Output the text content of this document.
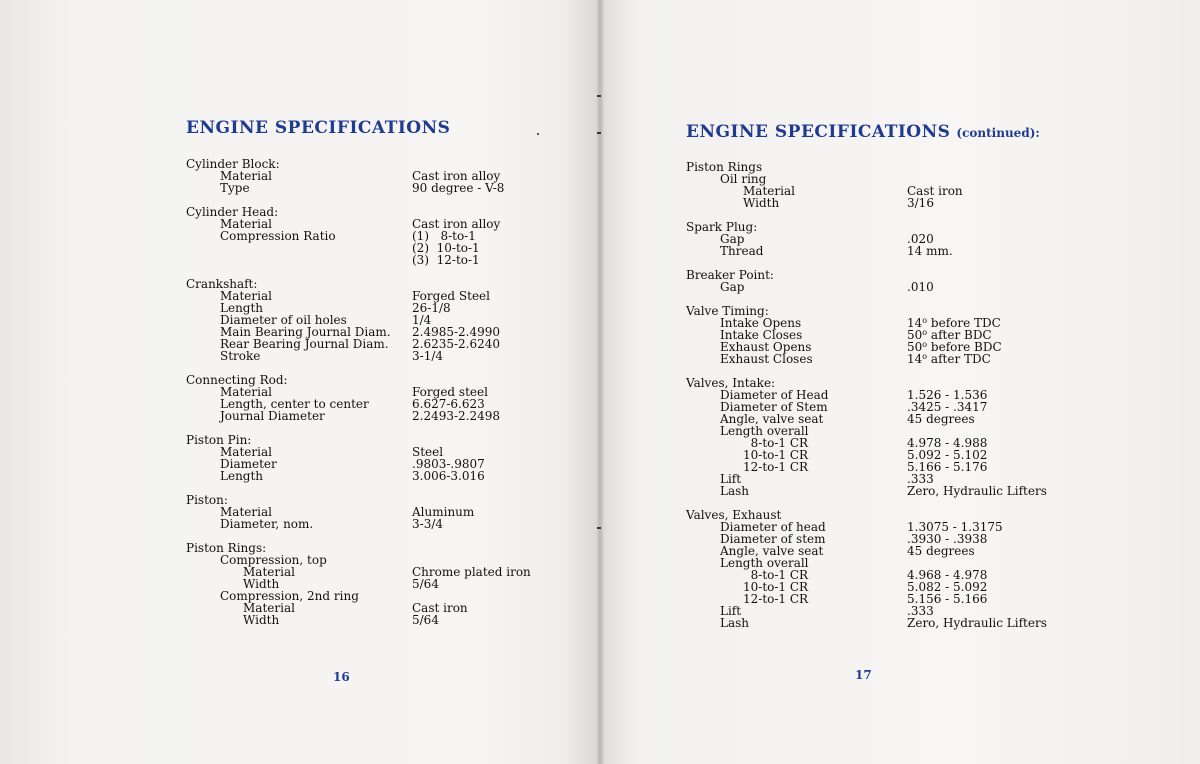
ENGINE SPECIFICATIONS
Cylinder Block:
Material	Cast iron alloy
Type	90 degree - V-8
Cylinder Head:
Material	Cast iron alloy
Compression Ratio	(1)   8-to-1
(2)  10-to-1
(3)  12-to-1
Crankshaft:
Material	Forged Steel
Length	26-1/8
Diameter of oil holes	1/4
Main Bearing Journal Diam. 2.4985-2.4990
Rear Bearing Journal Diam. 2.6235-2.6240
Stroke	3-1/4
Connecting Rod:
Material	Forged steel
Length, center to center	6.627-6.623
Journal Diameter	2.2493-2.2498
Piston Pin:
Material	Steel
Diameter	.9803-.9807
Length	3.006-3.016
Piston:
Material	Aluminum
Diameter, nom.	3-3/4
Piston Rings:
Compression, top
Material	Chrome plated iron
Width	5/64
Compression, 2nd ring
Material	Cast iron
Width	5/64
16
ENGINE SPECIFICATIONS (continued):
Piston Rings
Oil ring
Material	Cast iron
Width	3/16
Spark Plug:
Gap	.020
Thread	14 mm.
Breaker Point:
Gap	.010
Valve Timing:
Intake Opens	14$^o$ before TDC
Intake Closes	50$^o$ after BDC
Exhaust Opens	50$^o$ before BDC
Exhaust Closes	14$^o$ after TDC
Valves, Intake:
Diameter of Head	1.526 - 1.536
Diameter of Stem	.3425 - .3417
Angle, valve seat	45 degrees
Length overall
8-to-1 CR	4.978 - 4.988
10-to-1 CR	5.092 - 5.102
12-to-1 CR	5.166 - 5.176
Lift	.333
Lash	Zero, Hydraulic Lifters
Valves, Exhaust
Diameter of head	1.3075 - 1.3175
Diameter of stem	.3930 - .3938
Angle, valve seat	45 degrees
Length overall
8-to-1 CR	4.968 - 4.978
10-to-1 CR	5.082 - 5.092
12-to-1 CR	5.156 - 5.166
Lift	.333
Lash	Zero, Hydraulic Lifters
17
